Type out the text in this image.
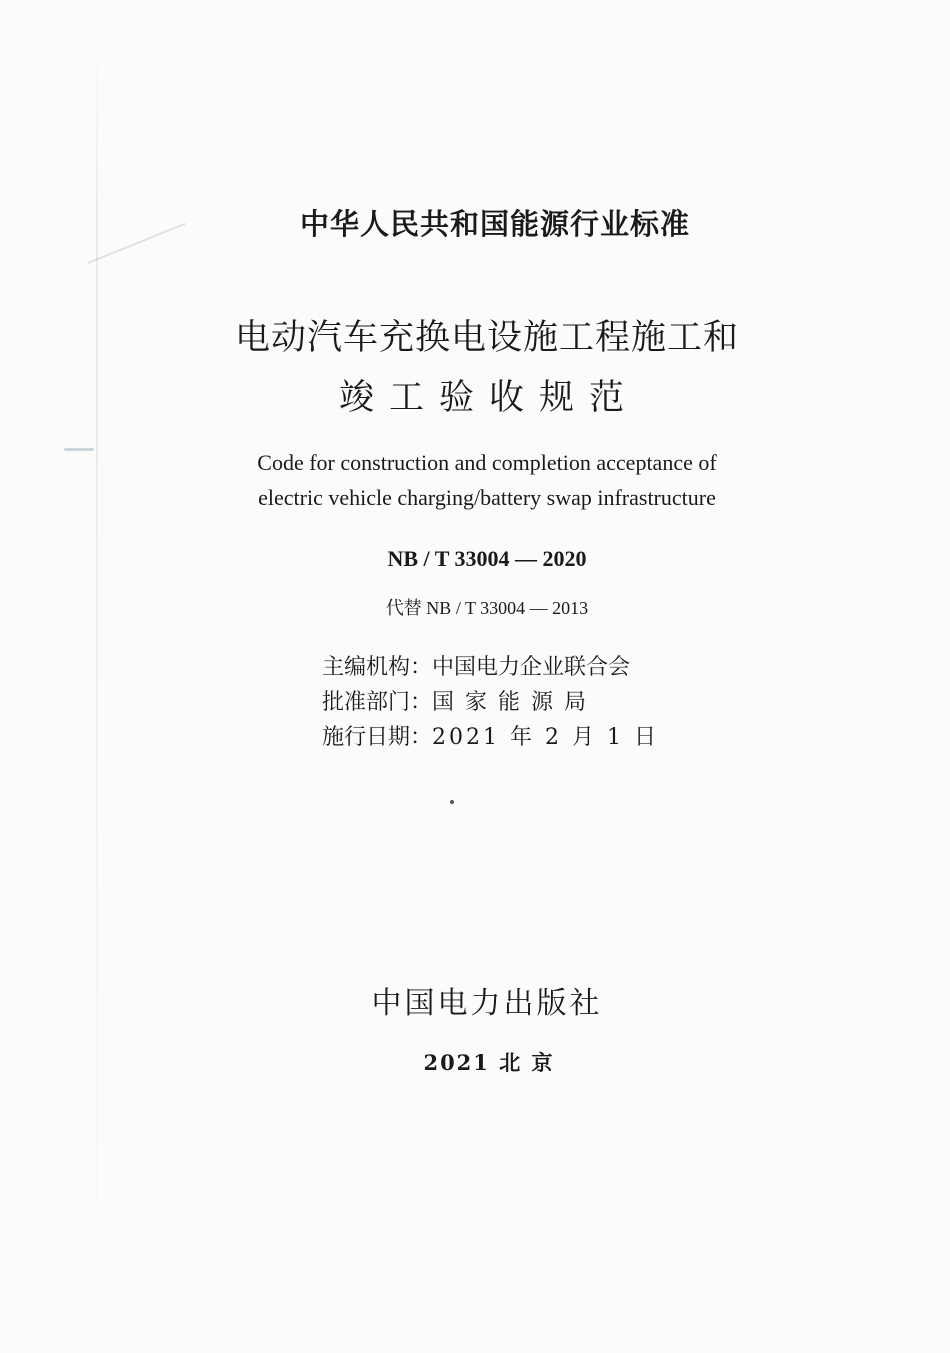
中华人民共和国能源行业标准
电动汽车充换电设施工程施工和
竣工验收规范
Code for construction and completion acceptance of
electric vehicle charging/battery swap infrastructure
NB / T 33004 — 2020
代替 NB / T 33004 — 2013
主编机构：中国电力企业联合会
批准部门：国家能源局
施行日期：2021 年 2 月 1 日
中国电力出版社
2021 北 京
